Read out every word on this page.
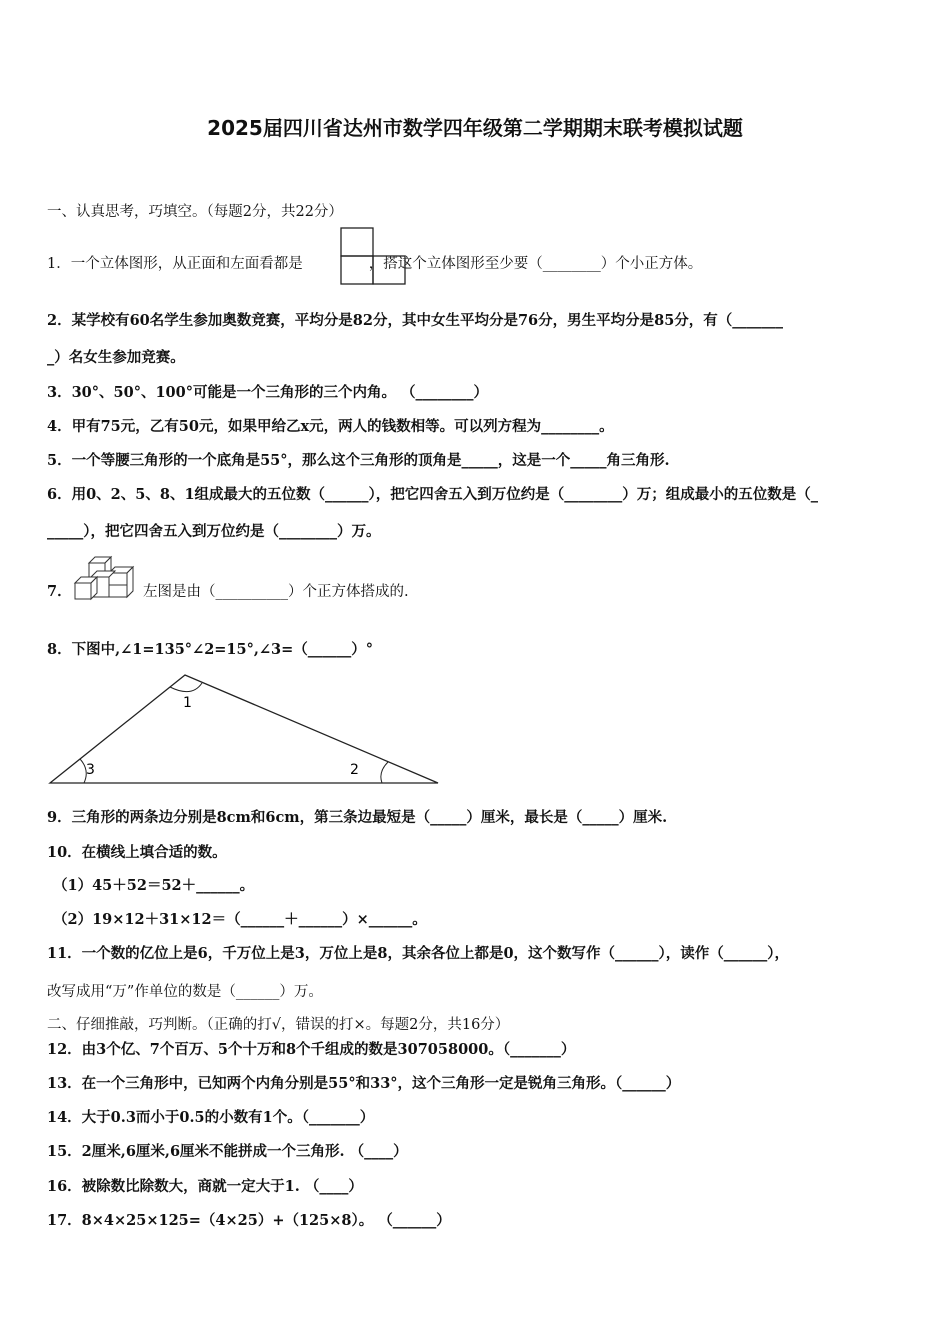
2025届四川省达州市数学四年级第二学期期末联考模拟试题
一、认真思考，巧填空。（每题2分，共22分）
1．一个立体图形，从正面和左面看都是	，搭这个立体图形至少要（________）个小正方体。
2．某学校有60名学生参加奥数竞赛，平均分是82分，其中女生平均分是76分，男生平均分是85分，有（_______
_）名女生参加竞赛。
3．30°、50°、100°可能是一个三角形的三个内角。 （________）
4．甲有75元，乙有50元，如果甲给乙x元，两人的钱数相等。可以列方程为________。
5．一个等腰三角形的一个底角是55°，那么这个三角形的顶角是_____，这是一个_____角三角形.
6．用0、2、5、8、1组成最大的五位数（______），把它四舍五入到万位约是（________）万；组成最小的五位数是（_
_____），把它四舍五入到万位约是（________）万。
7．	左图是由（__________）个正方体搭成的.
8．下图中,∠1=135°∠2=15°,∠3=（______）°
1
3	2
9．三角形的两条边分别是8cm和6cm，第三条边最短是（_____）厘米，最长是（_____）厘米.
10．在横线上填合适的数。
（1）45＋52＝52＋______。
（2）19×12＋31×12＝（______＋______）×______。
11．一个数的亿位上是6，千万位上是3，万位上是8，其余各位上都是0，这个数写作（______），读作（______），
改写成用“万”作单位的数是（______）万。
二、仔细推敲，巧判断。（正确的打√，错误的打×。每题2分，共16分）
12．由3个亿、7个百万、5个十万和8个千组成的数是307058000。（_______）
13．在一个三角形中，已知两个内角分别是55°和33°，这个三角形一定是锐角三角形。（______）
14．大于0.3而小于0.5的小数有1个。（_______）
15．2厘米,6厘米,6厘米不能拼成一个三角形. （____）
16．被除数比除数大，商就一定大于1. （____）
17．8×4×25×125=（4×25）+（125×8）。 （______）
